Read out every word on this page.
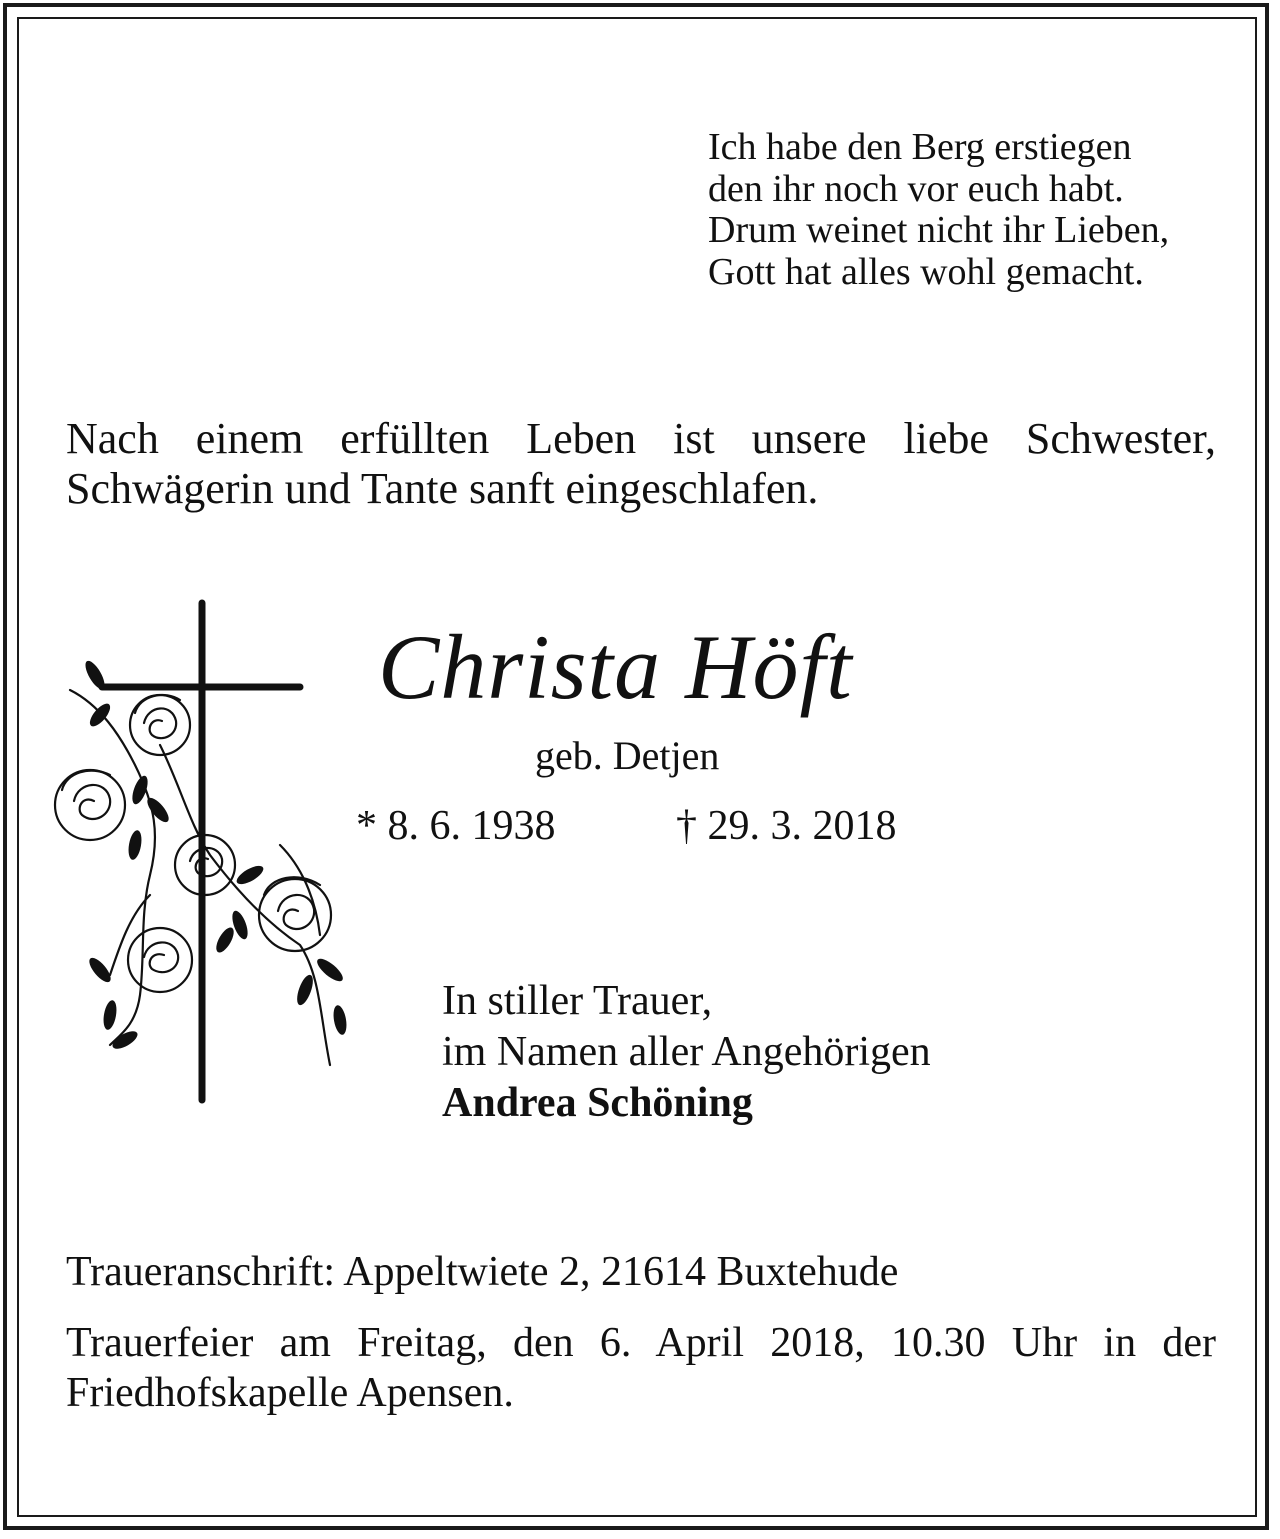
Ich habe den Berg erstiegen
den ihr noch vor euch habt.
Drum weinet nicht ihr Lieben,
Gott hat alles wohl gemacht.
Nach einem erfüllten Leben ist unsere liebe Schwester, Schwägerin und Tante sanft eingeschlafen.
Christa Höft
geb. Detjen
* 8. 6. 1938	† 29. 3. 2018
In stiller Trauer,
im Namen aller Angehörigen
Andrea Schöning
Traueranschrift: Appeltwiete 2, 21614 Buxtehude
Trauerfeier am Freitag, den 6. April 2018, 10.30 Uhr in der Friedhofskapelle Apensen.
